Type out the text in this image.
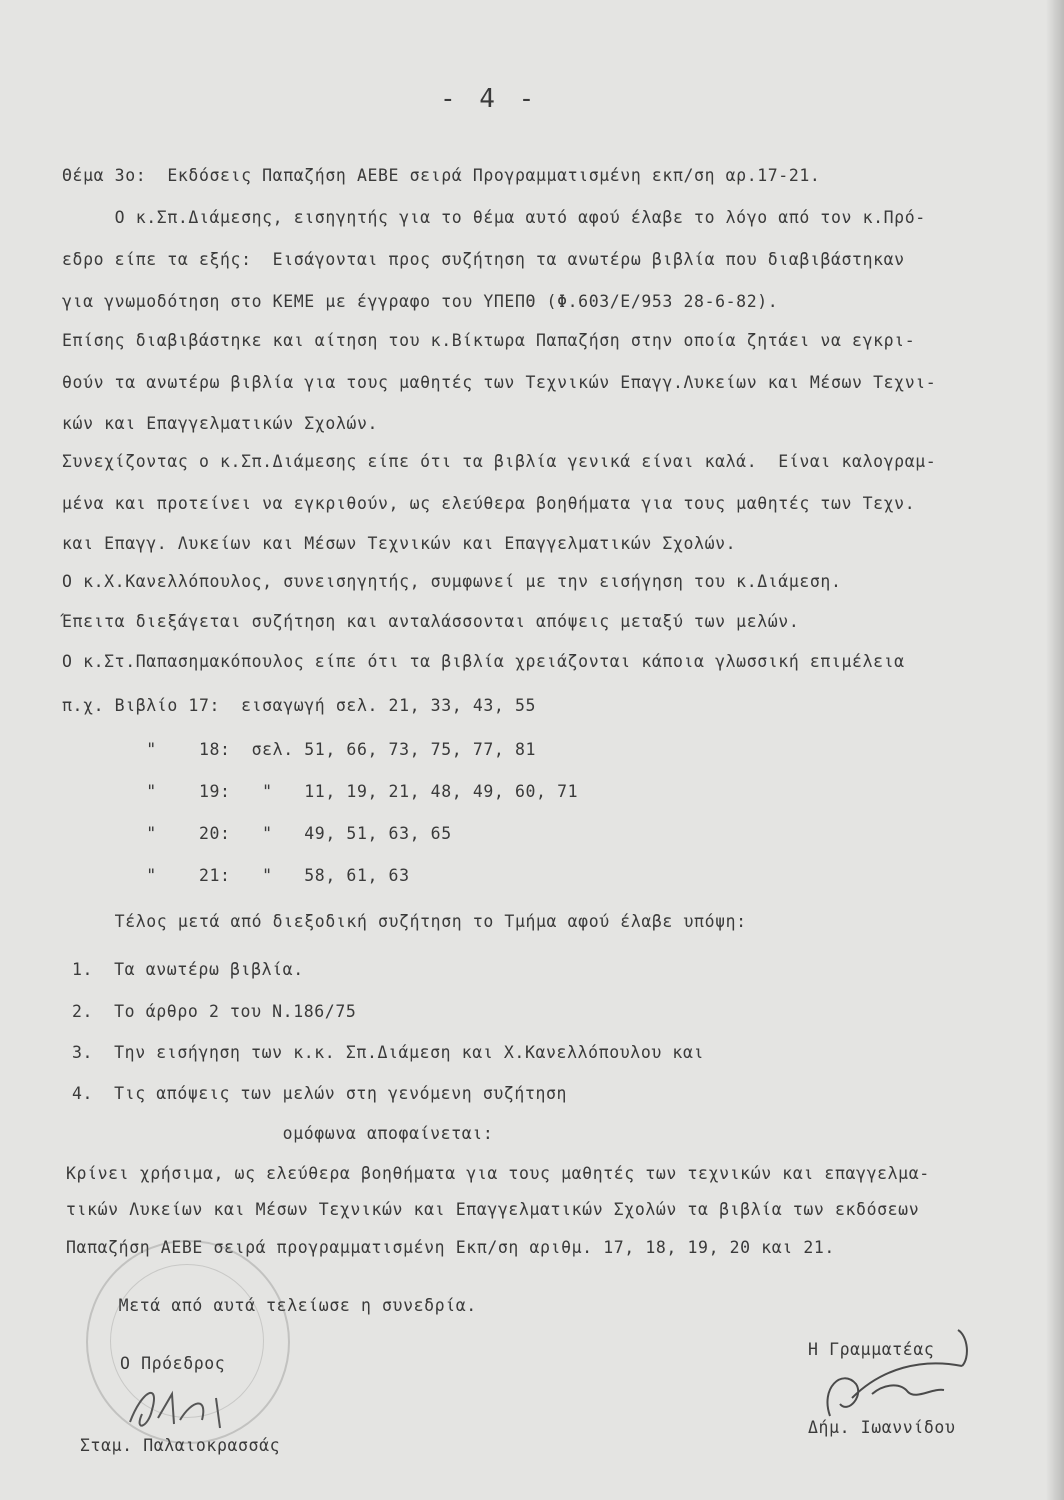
- 4 -
Θέμα 3ο:  Εκδόσεις Παπαζήση ΑΕΒΕ σειρά Προγραμματισμένη εκπ/ση αρ.17-21.
Ο κ.Σπ.Διάμεσης, εισηγητής για το θέμα αυτό αφού έλαβε το λόγο από τον κ.Πρό-
εδρο είπε τα εξής:  Εισάγονται προς συζήτηση τα ανωτέρω βιβλία που διαβιβάστηκαν
για γνωμοδότηση στο ΚΕΜΕ με έγγραφο του ΥΠΕΠΘ (Φ.603/Ε/953 28-6-82).
Επίσης διαβιβάστηκε και αίτηση του κ.Βίκτωρα Παπαζήση στην οποία ζητάει να εγκρι-
θούν τα ανωτέρω βιβλία για τους μαθητές των Τεχνικών Επαγγ.Λυκείων και Μέσων Τεχνι-
κών και Επαγγελματικών Σχολών.
Συνεχίζοντας ο κ.Σπ.Διάμεσης είπε ότι τα βιβλία γενικά είναι καλά.  Είναι καλογραμ-
μένα και προτείνει να εγκριθούν, ως ελεύθερα βοηθήματα για τους μαθητές των Τεχν.
και Επαγγ. Λυκείων και Μέσων Τεχνικών και Επαγγελματικών Σχολών.
Ο κ.Χ.Κανελλόπουλος, συνεισηγητής, συμφωνεί με την εισήγηση του κ.Διάμεση.
Έπειτα διεξάγεται συζήτηση και ανταλάσσονται απόψεις μεταξύ των μελών.
Ο κ.Στ.Παπασημακόπουλος είπε ότι τα βιβλία χρειάζονται κάποια γλωσσική επιμέλεια
π.χ. Βιβλίο 17:  εισαγωγή σελ. 21, 33, 43, 55
"    18:  σελ. 51, 66, 73, 75, 77, 81
"    19:   "   11, 19, 21, 48, 49, 60, 71
"    20:   "   49, 51, 63, 65
"    21:   "   58, 61, 63
Τέλος μετά από διεξοδική συζήτηση το Τμήμα αφού έλαβε υπόψη:
1.  Τα ανωτέρω βιβλία.
2.  Το άρθρο 2 του Ν.186/75
3.  Την εισήγηση των κ.κ. Σπ.Διάμεση και Χ.Κανελλόπουλου και
4.  Τις απόψεις των μελών στη γενόμενη συζήτηση
ομόφωνα αποφαίνεται:
Κρίνει χρήσιμα, ως ελεύθερα βοηθήματα για τους μαθητές των τεχνικών και επαγγελμα-
τικών Λυκείων και Μέσων Τεχνικών και Επαγγελματικών Σχολών τα βιβλία των εκδόσεων
Παπαζήση ΑΕΒΕ σειρά προγραμματισμένη Εκπ/ση αριθμ. 17, 18, 19, 20 και 21.
Μετά από αυτά τελείωσε η συνεδρία.
Ο Πρόεδρος
Σταμ. Παλαιοκρασσάς
Η Γραμματέας
Δήμ. Ιωαννίδου
